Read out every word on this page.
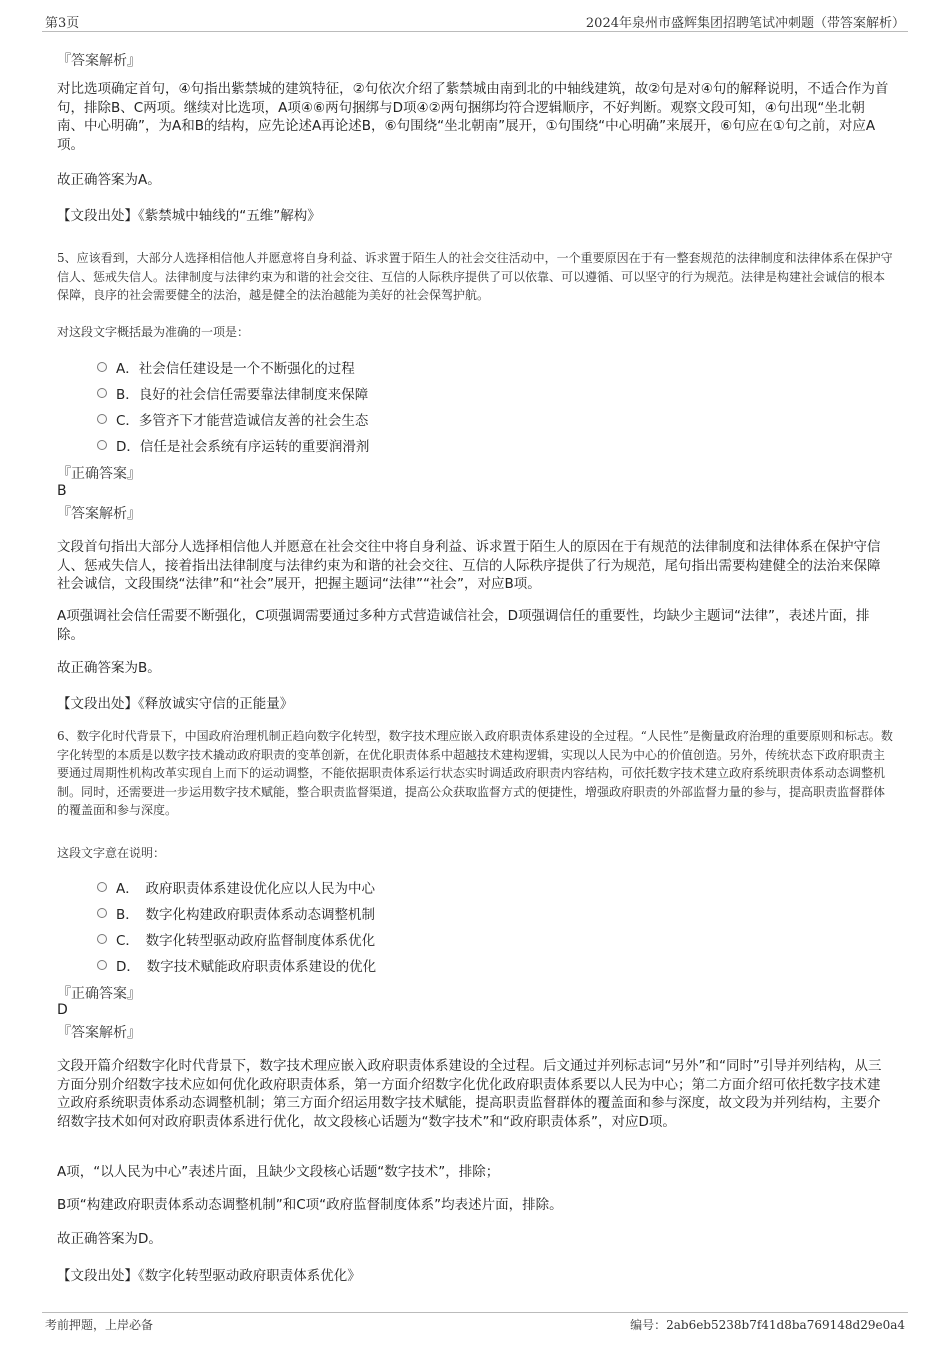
第3页	2024年泉州市盛辉集团招聘笔试冲刺题（带答案解析）
『答案解析』
对比选项确定首句，④句指出紫禁城的建筑特征，②句依次介绍了紫禁城由南到北的中轴线建筑，故②句是对④句的解释说明，不适合作为首句，排除B、C两项。继续对比选项，A项④⑥两句捆绑与D项④②两句捆绑均符合逻辑顺序，不好判断。观察文段可知，④句出现“坐北朝南、中心明确”，为A和B的结构，应先论述A再论述B，⑥句围绕“坐北朝南”展开，①句围绕“中心明确”来展开，⑥句应在①句之前，对应A项。
故正确答案为A。
【文段出处】《紫禁城中轴线的“五维”解构》
5、应该看到，大部分人选择相信他人并愿意将自身利益、诉求置于陌生人的社会交往活动中，一个重要原因在于有一整套规范的法律制度和法律体系在保护守信人、惩戒失信人。法律制度与法律约束为和谐的社会交往、互信的人际秩序提供了可以依靠、可以遵循、可以坚守的行为规范。法律是构建社会诚信的根本保障，良序的社会需要健全的法治，越是健全的法治越能为美好的社会保驾护航。
对这段文字概括最为准确的一项是：
A．社会信任建设是一个不断强化的过程
B．良好的社会信任需要靠法律制度来保障
C．多管齐下才能营造诚信友善的社会生态
D．信任是社会系统有序运转的重要润滑剂
『正确答案』
B
『答案解析』
文段首句指出大部分人选择相信他人并愿意在社会交往中将自身利益、诉求置于陌生人的原因在于有规范的法律制度和法律体系在保护守信人、惩戒失信人，接着指出法律制度与法律约束为和谐的社会交往、互信的人际秩序提供了行为规范，尾句指出需要构建健全的法治来保障社会诚信，文段围绕“法律”和“社会”展开，把握主题词“法律”“社会”，对应B项。
A项强调社会信任需要不断强化，C项强调需要通过多种方式营造诚信社会，D项强调信任的重要性，均缺少主题词“法律”，表述片面，排除。
故正确答案为B。
【文段出处】《释放诚实守信的正能量》
6、数字化时代背景下，中国政府治理机制正趋向数字化转型，数字技术理应嵌入政府职责体系建设的全过程。“人民性”是衡量政府治理的重要原则和标志。数字化转型的本质是以数字技术撬动政府职责的变革创新，在优化职责体系中超越技术建构逻辑，实现以人民为中心的价值创造。另外，传统状态下政府职责主要通过周期性机构改革实现自上而下的运动调整，不能依据职责体系运行状态实时调适政府职责内容结构，可依托数字技术建立政府系统职责体系动态调整机制。同时，还需要进一步运用数字技术赋能，整合职责监督渠道，提高公众获取监督方式的便捷性，增强政府职责的外部监督力量的参与，提高职责监督群体的覆盖面和参与深度。
这段文字意在说明：
A．　政府职责体系建设优化应以人民为中心
B．　数字化构建政府职责体系动态调整机制
C．　数字化转型驱动政府监督制度体系优化
D．　数字技术赋能政府职责体系建设的优化
『正确答案』
D
『答案解析』
文段开篇介绍数字化时代背景下，数字技术理应嵌入政府职责体系建设的全过程。后文通过并列标志词“另外”和“同时”引导并列结构，从三方面分别介绍数字技术应如何优化政府职责体系，第一方面介绍数字化优化政府职责体系要以人民为中心；第二方面介绍可依托数字技术建立政府系统职责体系动态调整机制；第三方面介绍运用数字技术赋能，提高职责监督群体的覆盖面和参与深度，故文段为并列结构，主要介绍数字技术如何对政府职责体系进行优化，故文段核心话题为“数字技术”和“政府职责体系”，对应D项。
A项，“以人民为中心”表述片面，且缺少文段核心话题“数字技术”，排除；
B项“构建政府职责体系动态调整机制”和C项“政府监督制度体系”均表述片面，排除。
故正确答案为D。
【文段出处】《数字化转型驱动政府职责体系优化》
考前押题，上岸必备	编号：2ab6eb5238b7f41d8ba769148d29e0a4
